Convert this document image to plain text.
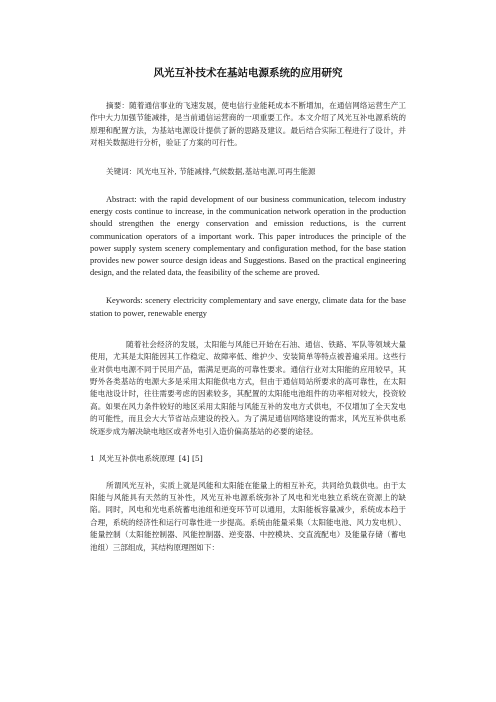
风光互补技术在基站电源系统的应用研究

摘要：随着通信事业的飞速发展，使电信行业能耗成本不断增加，在通信网络运营生产工作中大力加强节能减排，是当前通信运营商的一项重要工作。本文介绍了风光互补电源系统的原理和配置方法，为基站电源设计提供了新的思路及建议。最后结合实际工程进行了设计，并对相关数据进行分析，验证了方案的可行性。

关键词：风光电互补, 节能减排,气候数据,基站电源,可再生能源

Abstract: with the rapid development of our business communication, telecom industry energy costs continue to increase, in the communication network operation in the production should strengthen the energy conservation and emission reductions, is the current communication operators of a important work. This paper introduces the principle of the power supply system scenery complementary and configuration method, for the base station provides new power source design ideas and Suggestions. Based on the practical engineering design, and the related data, the feasibility of the scheme are proved.

Keywords: scenery electricity complementary and save energy, climate data for the base station to power, renewable energy

随着社会经济的发展，太阳能与风能已开始在石油、通信、铁路、军队等领域大量使用，尤其是太阳能因其工作稳定、故障率低、维护少、安装简单等特点被普遍采用。这些行业对供电电源不同于民用产品，需满足更高的可靠性要求。通信行业对太阳能的应用较早，其野外各类基站的电源大多是采用太阳能供电方式，但由于通信局站所要求的高可靠性，在太阳能电池设计时，往往需要考虑的因素较多，其配置的太阳能电池组件的功率相对较大，投资较高。如果在风力条件较好的地区采用太阳能与风能互补的发电方式供电，不仅增加了全天发电的可能性，而且会大大节省站点建设的投入。为了满足通信网络建设的需求，风光互补供电系统逐步成为解决缺电地区或者外电引入造价偏高基站的必要的途径。

1 风光互补供电系统原理 [4] [5]

所谓风光互补，实质上就是风能和太阳能在能量上的相互补充，共同给负载供电。由于太阳能与风能具有天然的互补性，风光互补电源系统弥补了风电和光电独立系统在资源上的缺陷。同时，风电和光电系统蓄电池组和逆变环节可以通用，太阳能板容量减少，系统成本趋于合理，系统的经济性和运行可靠性进一步提高。系统由能量采集（太阳能电池、风力发电机）、能量控制（太阳能控制器、风能控制器、逆变器、中控模块、交直流配电）及能量存储（蓄电池组）三部组成，其结构原理图如下：
